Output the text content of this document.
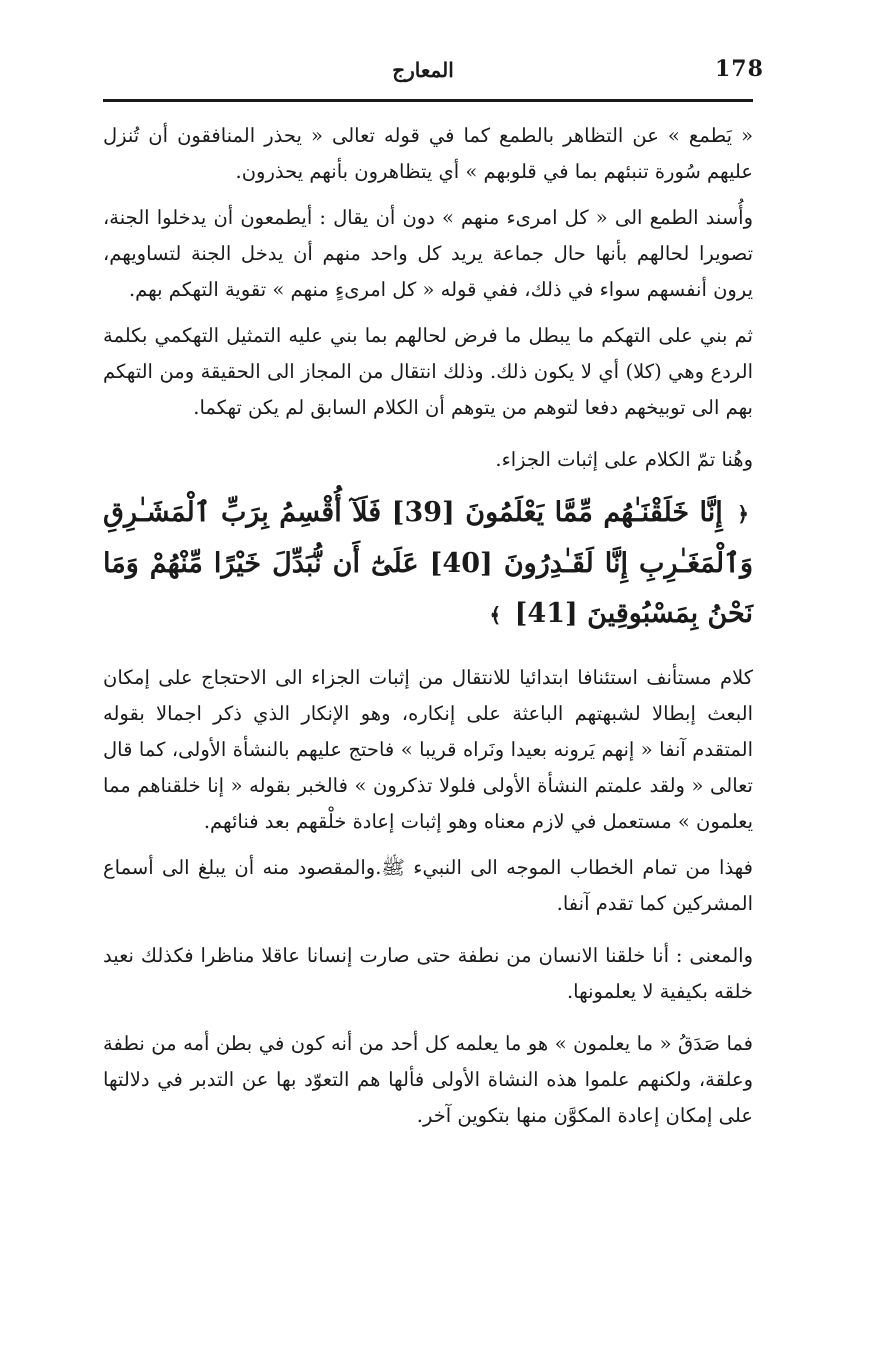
178
المعارج

« يَطمع » عن التظاهر بالطمع كما في قوله تعالى « يحذر المنافقون أن تُنزل عليهم سُورة تنبئهم بما في قلوبهم » أي يتظاهرون بأنهم يحذرون.

وأُسند الطمع الى « كل امرىء منهم » دون أن يقال : أيطمعون أن يدخلوا الجنة، تصويرا لحالهم بأنها حال جماعة يريد كل واحد منهم أن يدخل الجنة لتساويهم، يرون أنفسهم سواء في ذلك، ففي قوله « كل امرىءٍ منهم » تقوية التهكم بهم.

ثم بني على التهكم ما يبطل ما فرض لحالهم بما بني عليه التمثيل التهكمي بكلمة الردع وهي (كلا) أي لا يكون ذلك. وذلك انتقال من المجاز الى الحقيقة ومن التهكم بهم الى توبيخهم دفعا لتوهم من يتوهم أن الكلام السابق لم يكن تهكما.

وهُنا تمّ الكلام على إثبات الجزاء.

﴿ إِنَّا خَلَقْنَـٰهُم مِّمَّا يَعْلَمُونَ [39] فَلَآ أُقْسِمُ بِرَبِّ ٱلْمَشَـٰرِقِ وَٱلْمَغَـٰرِبِ إِنَّا لَقَـٰدِرُونَ [40] عَلَىٰٓ أَن نُّبَدِّلَ خَيْرًا مِّنْهُمْ وَمَا نَحْنُ بِمَسْبُوقِينَ [41] ﴾

كلام مستأنف استئنافا ابتدائيا للانتقال من إثبات الجزاء الى الاحتجاج على إمكان البعث إبطالا لشبهتهم الباعثة على إنكاره، وهو الإنكار الذي ذكر اجمالا بقوله المتقدم آنفا « إنهم يَرونه بعيدا ونَراه قريبا » فاحتج عليهم بالنشأة الأولى، كما قال تعالى « ولقد علمتم النشأة الأولى فلولا تذكرون » فالخبر بقوله « إنا خلقناهم مما يعلمون » مستعمل في لازم معناه وهو إثبات إعادة خلْقهم بعد فنائهم.

فهذا من تمام الخطاب الموجه الى النبيء ﷺ.والمقصود منه أن يبلغ الى أسماع المشركين كما تقدم آنفا.

والمعنى : أنا خلقنا الانسان من نطفة حتى صارت إنسانا عاقلا مناظرا فكذلك نعيد خلقه بكيفية لا يعلمونها.

فما صَدَقُ « ما يعلمون » هو ما يعلمه كل أحد من أنه كون في بطن أمه من نطفة وعلقة، ولكنهم علموا هذه النشاة الأولى فألها هم التعوّد بها عن التدبر في دلالتها على إمكان إعادة المكوَّن منها بتكوين آخر.
